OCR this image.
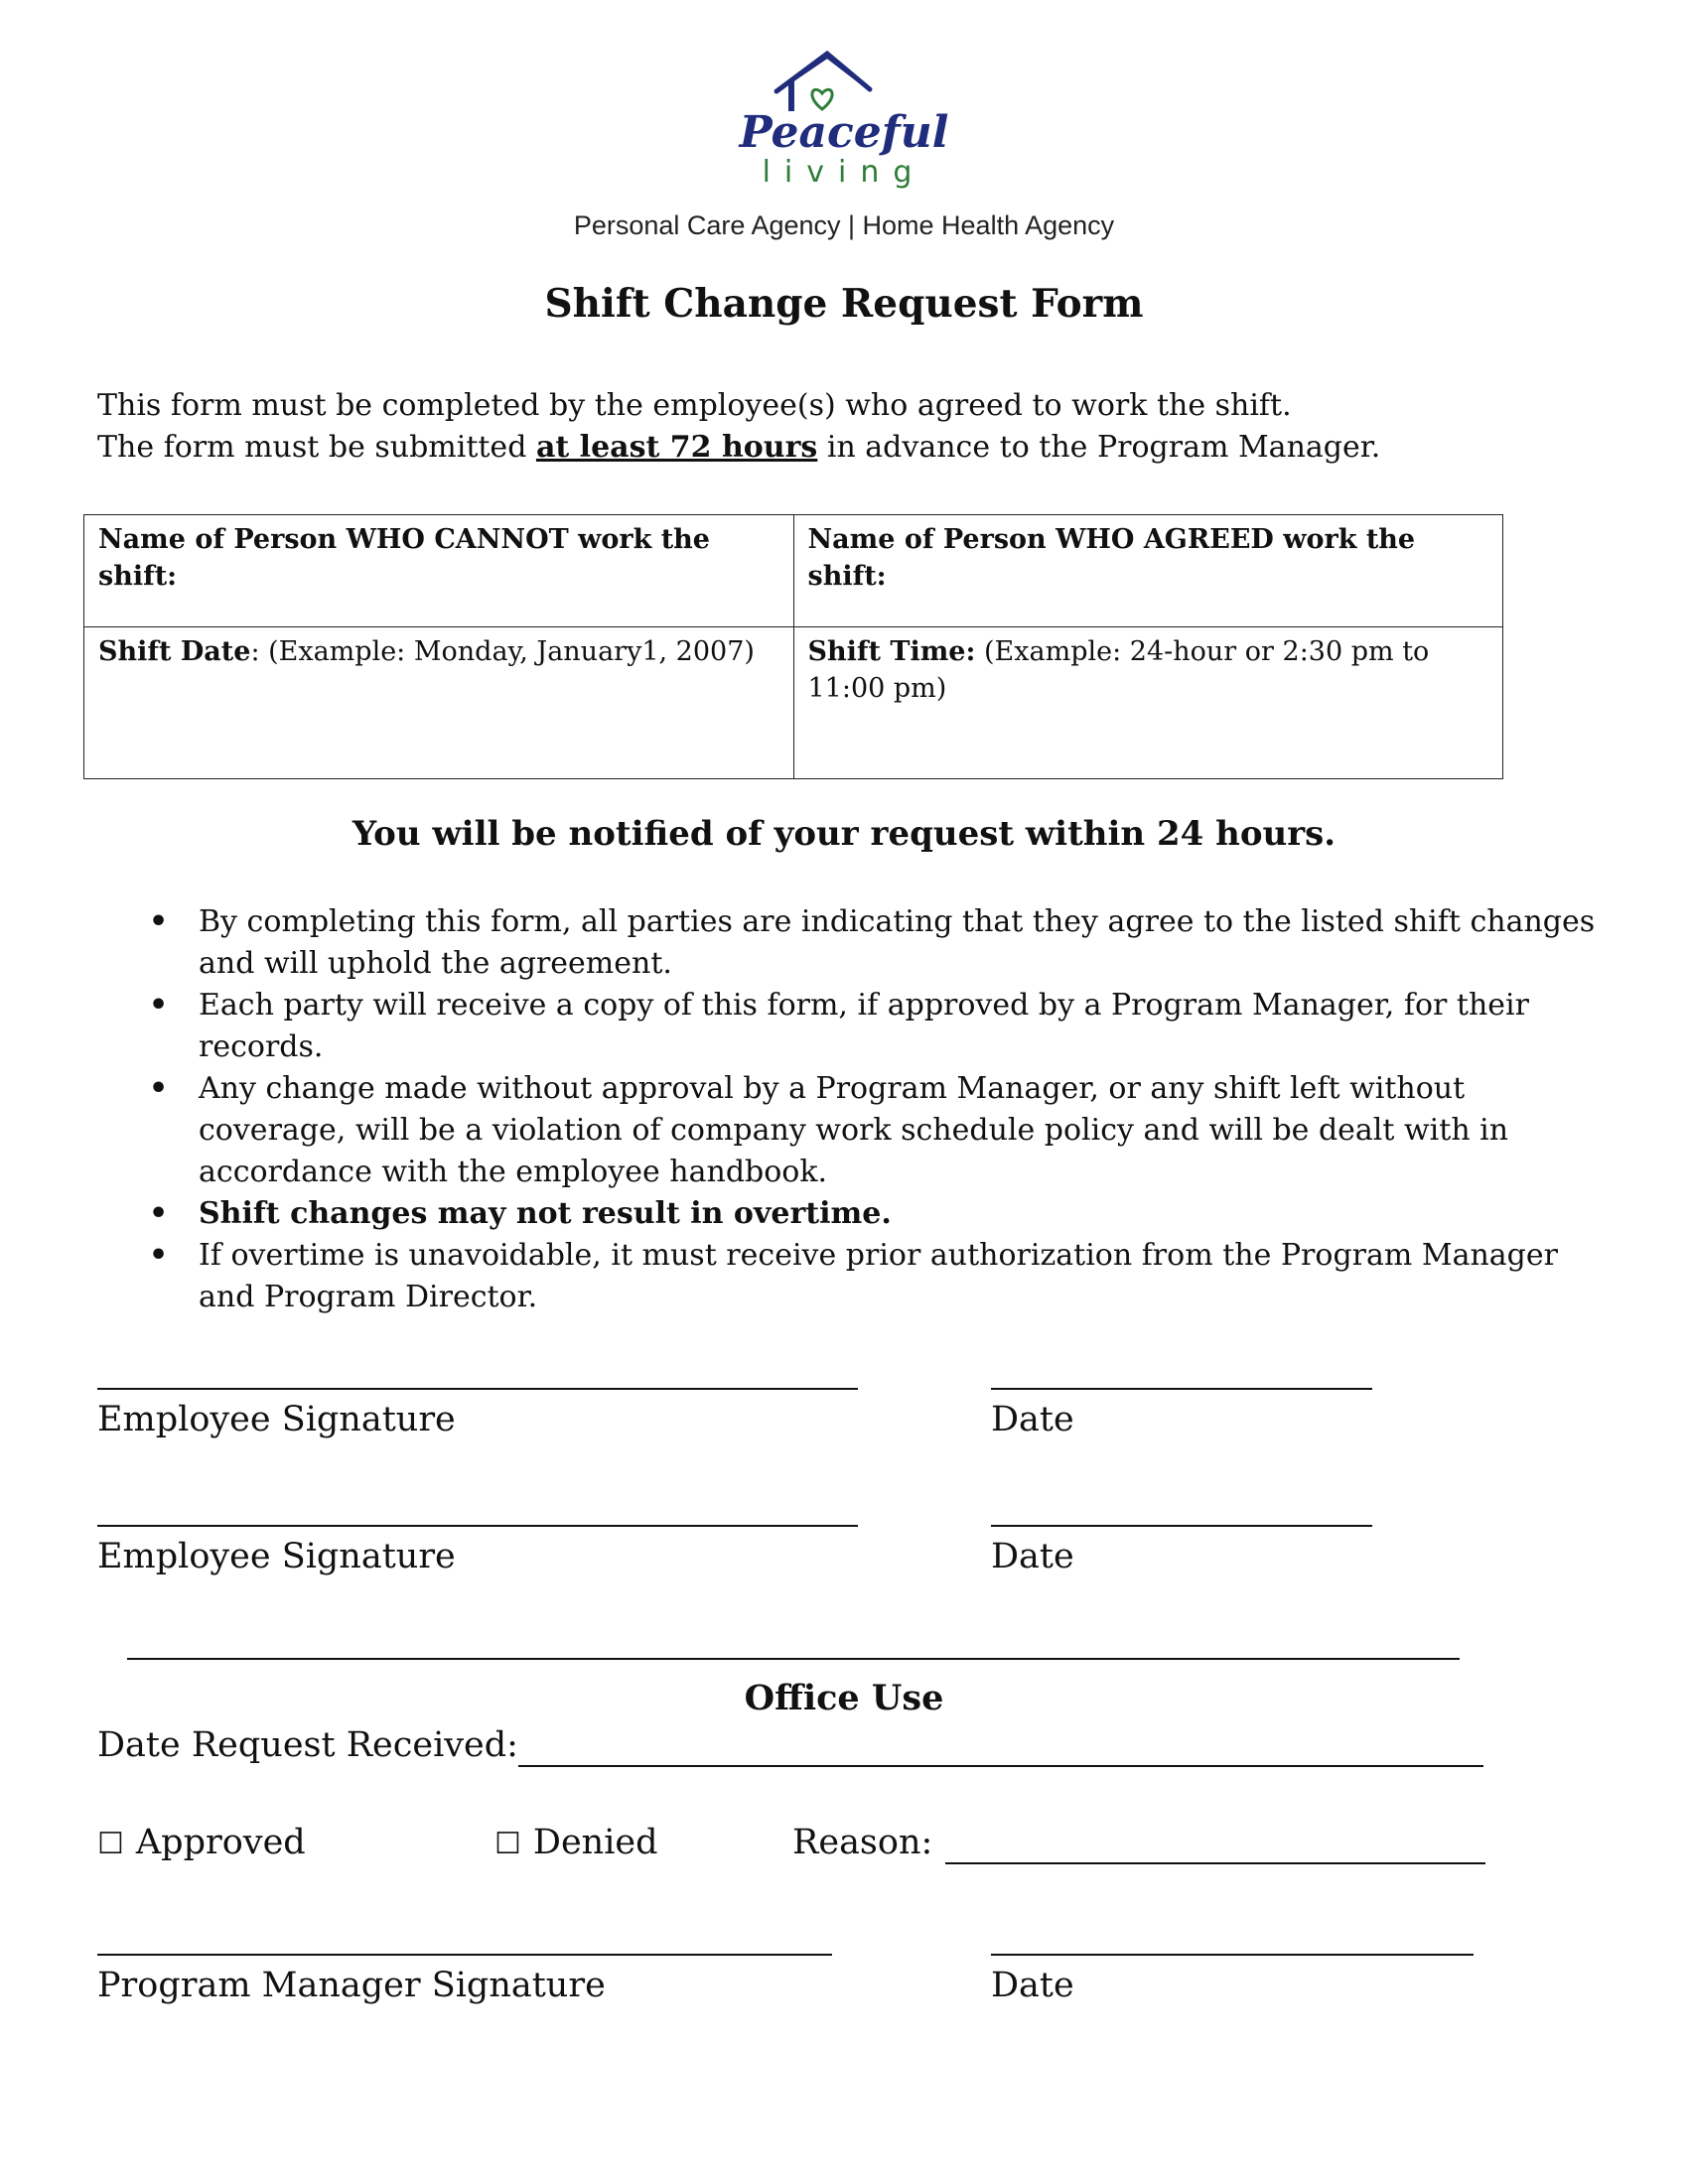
Peaceful
living
Personal Care Agency | Home Health Agency
Shift Change Request Form
This form must be completed by the employee(s) who agreed to work the shift.
The form must be submitted at least 72 hours in advance to the Program Manager.
Name of Person WHO CANNOT work the shift:	Name of Person WHO AGREED work the shift:
Shift Date: (Example: Monday, January1, 2007)	Shift Time: (Example: 24-hour or 2:30 pm to 11:00 pm)
You will be notified of your request within 24 hours.
• By completing this form, all parties are indicating that they agree to the listed shift changes and will uphold the agreement.
• Each party will receive a copy of this form, if approved by a Program Manager, for their records.
• Any change made without approval by a Program Manager, or any shift left without coverage, will be a violation of company work schedule policy and will be dealt with in accordance with the employee handbook.
• Shift changes may not result in overtime.
• If overtime is unavoidable, it must receive prior authorization from the Program Manager and Program Director.
Employee Signature	Date
Employee Signature	Date
Office Use
Date Request Received:
☐ Approved	☐ Denied	Reason:
Program Manager Signature	Date
